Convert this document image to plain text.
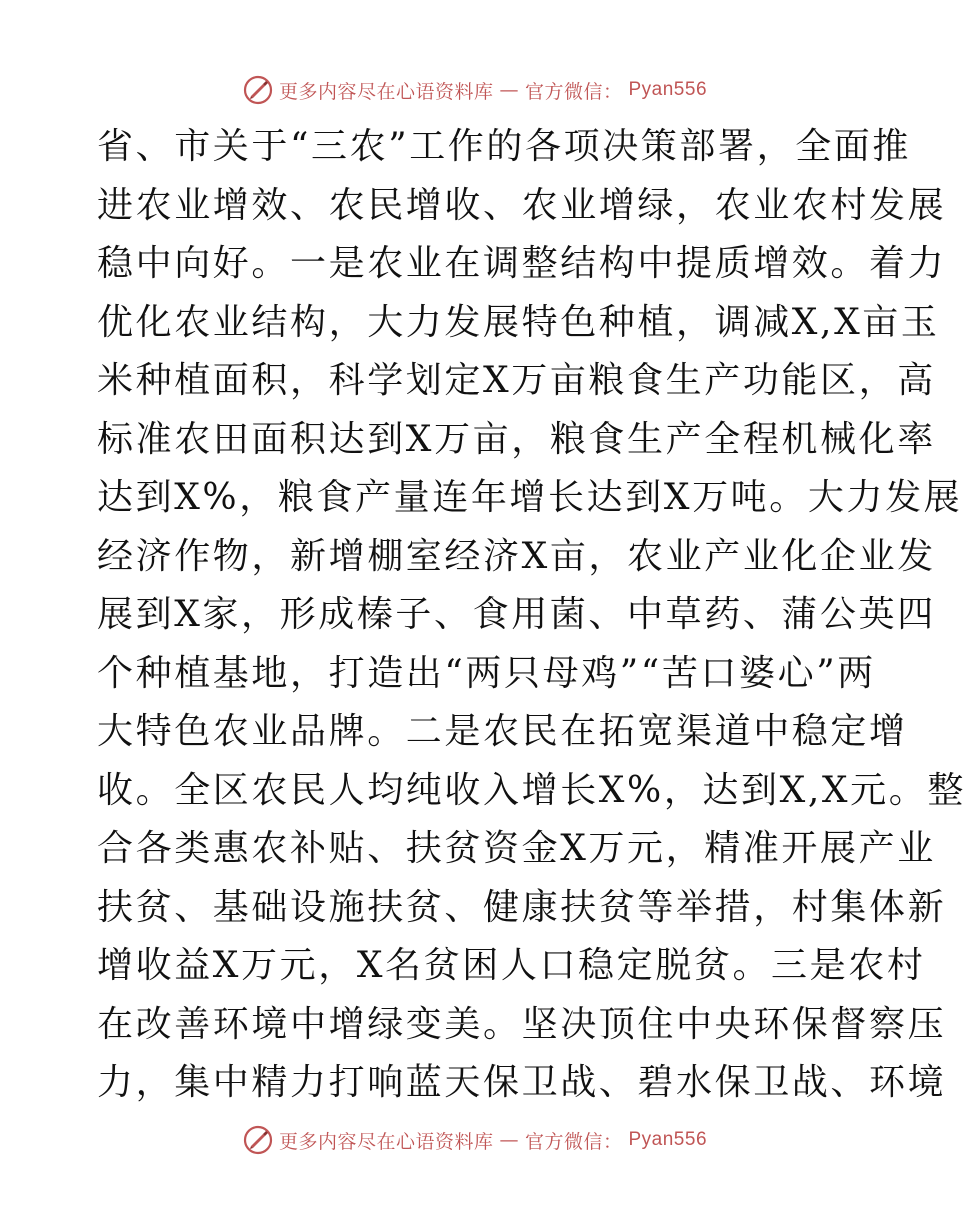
更多内容尽在心语资料库 — 官方微信： Pyan556
省、市关于“三农”工作的各项决策部署，全面推
进农业增效、农民增收、农业增绿，农业农村发展
稳中向好。一是农业在调整结构中提质增效。着力
优化农业结构，大力发展特色种植，调减X,X亩玉
米种植面积，科学划定X万亩粮食生产功能区，高
标准农田面积达到X万亩，粮食生产全程机械化率
达到X%，粮食产量连年增长达到X万吨。大力发展
经济作物，新增棚室经济X亩，农业产业化企业发
展到X家，形成榛子、食用菌、中草药、蒲公英四
个种植基地，打造出“两只母鸡”“苦口婆心”两
大特色农业品牌。二是农民在拓宽渠道中稳定增
收。全区农民人均纯收入增长X%，达到X,X元。整
合各类惠农补贴、扶贫资金X万元，精准开展产业
扶贫、基础设施扶贫、健康扶贫等举措，村集体新
增收益X万元，X名贫困人口稳定脱贫。三是农村
在改善环境中增绿变美。坚决顶住中央环保督察压
力，集中精力打响蓝天保卫战、碧水保卫战、环境
更多内容尽在心语资料库 — 官方微信： Pyan556
